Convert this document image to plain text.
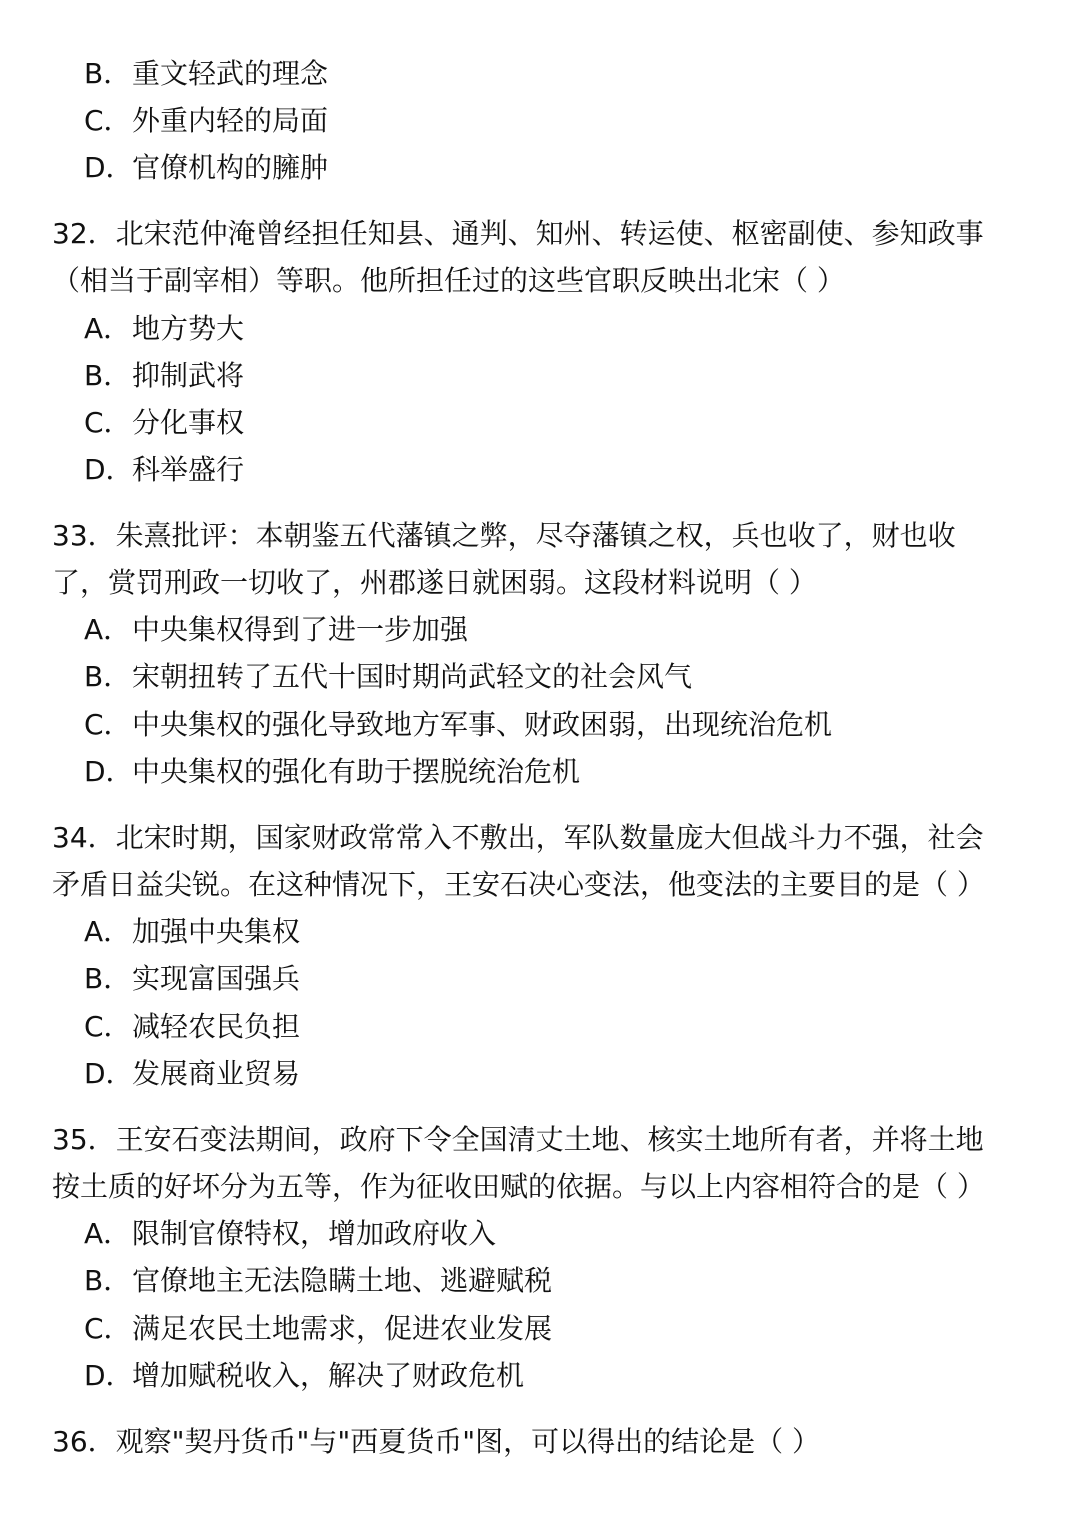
B．重文轻武的理念
C．外重内轻的局面
D．官僚机构的臃肿
32．北宋范仲淹曾经担任知县、通判、知州、转运使、枢密副使、参知政事
（相当于副宰相）等职。他所担任过的这些官职反映出北宋（ ）
A．地方势大
B．抑制武将
C．分化事权
D．科举盛行
33．朱熹批评：本朝鉴五代藩镇之弊，尽夺藩镇之权，兵也收了，财也收
了，赏罚刑政一切收了，州郡遂日就困弱。这段材料说明（ ）
A．中央集权得到了进一步加强
B．宋朝扭转了五代十国时期尚武轻文的社会风气
C．中央集权的强化导致地方军事、财政困弱，出现统治危机
D．中央集权的强化有助于摆脱统治危机
34．北宋时期，国家财政常常入不敷出，军队数量庞大但战斗力不强，社会
矛盾日益尖锐。在这种情况下，王安石决心变法，他变法的主要目的是（ ）
A．加强中央集权
B．实现富国强兵
C．减轻农民负担
D．发展商业贸易
35．王安石变法期间，政府下令全国清丈土地、核实土地所有者，并将土地
按土质的好坏分为五等，作为征收田赋的依据。与以上内容相符合的是（ ）
A．限制官僚特权，增加政府收入
B．官僚地主无法隐瞒土地、逃避赋税
C．满足农民土地需求，促进农业发展
D．增加赋税收入，解决了财政危机
36．观察"契丹货币"与"西夏货币"图，可以得出的结论是（ ）
